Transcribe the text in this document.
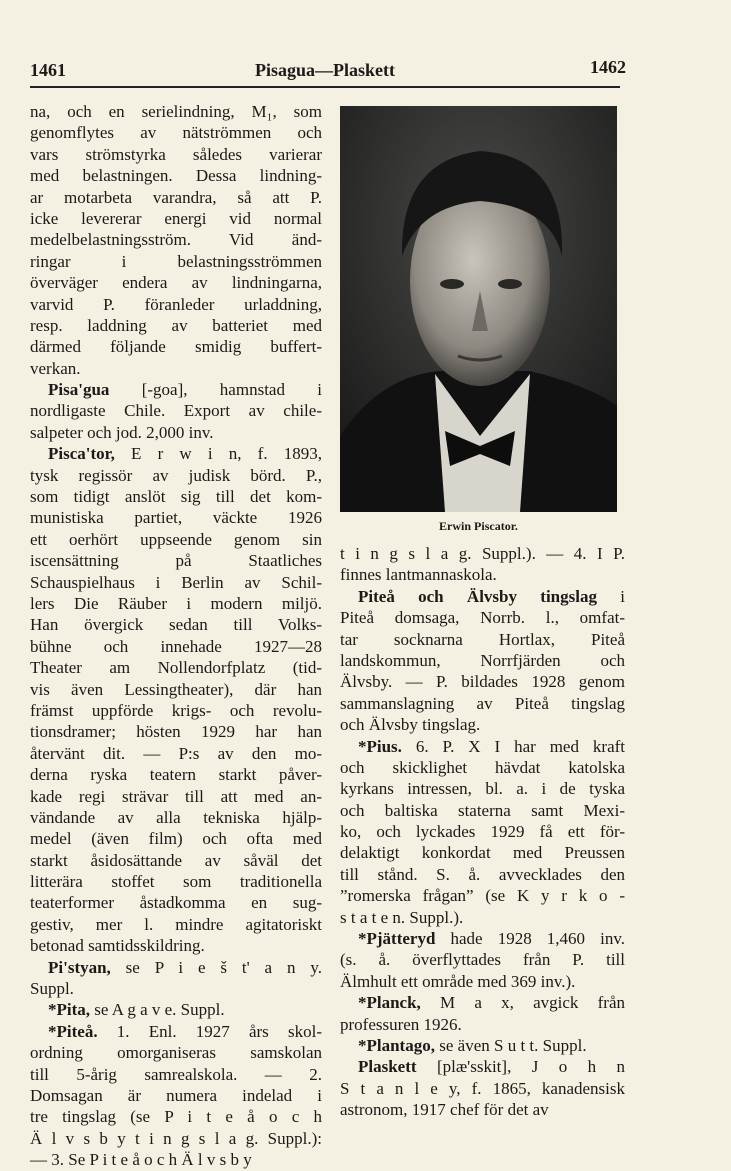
1461	Pisagua—Plaskett	1462
na, och en serielindning, M₁, som
genomflytes av nätströmmen och
vars strömstyrka således varierar
med belastningen. Dessa lindning-
ar motarbeta varandra, så att P.
icke levererar energi vid normal
medelbelastningsström. Vid änd-
ringar i belastningsströmmen
överväger endera av lindningarna,
varvid P. föranleder urladdning,
resp. laddning av batteriet med
därmed följande smidig buffert-
verkan.
Pisa'gua [-goa], hamnstad i
nordligaste Chile. Export av chile-
salpeter och jod. 2,000 inv.
Pisca'tor, E r w i n, f. 1893,
tysk regissör av judisk börd. P.,
som tidigt anslöt sig till det kom-
munistiska partiet, väckte 1926
ett oerhört uppseende genom sin
iscensättning på Staatliches
Schauspielhaus i Berlin av Schil-
lers Die Räuber i modern miljö.
Han övergick sedan till Volks-
bühne och innehade 1927—28
Theater am Nollendorfplatz (tid-
vis även Lessingtheater), där han
främst uppförde krigs- och revolu-
tionsdramer; hösten 1929 har han
återvänt dit. — P:s av den mo-
derna ryska teatern starkt påver-
kade regi strävar till att med an-
vändande av alla tekniska hjälp-
medel (även film) och ofta med
starkt åsidosättande av såväl det
litterära stoffet som traditionella
teaterformer åstadkomma en sug-
gestiv, mer l. mindre agitatoriskt
betonad samtidsskildring.
Pi'styan, se P i e š t' a n y.
Suppl.
*Pita, se A g a v e. Suppl.
*Piteå. 1. Enl. 1927 års skol-
ordning omorganiseras samskolan
till 5-årig samrealskola. — 2.
Domsagan är numera indelad i
tre tingslag (se P i t e å o c h
Ä l v s b y t i n g s l a g. Suppl.):
— 3. Se P i t e å o c h Ä l v s b y
Erwin Piscator.
t i n g s l a g. Suppl.). — 4. I P.
finnes lantmannaskola.
Piteå och Älvsby tingslag i
Piteå domsaga, Norrb. l., omfat-
tar socknarna Hortlax, Piteå
landskommun, Norrfjärden och
Älvsby. — P. bildades 1928 genom
sammanslagning av Piteå tingslag
och Älvsby tingslag.
*Pius. 6. P. X I har med kraft
och skicklighet hävdat katolska
kyrkans intressen, bl. a. i de tyska
och baltiska staterna samt Mexi-
ko, och lyckades 1929 få ett för-
delaktigt konkordat med Preussen
till stånd. S. å. avvecklades den
”romerska frågan” (se K y r k o -
s t a t e n. Suppl.).
*Pjätteryd hade 1928 1,460 inv.
(s. å. överflyttades från P. till
Älmhult ett område med 369 inv.).
*Planck, M a x, avgick från
professuren 1926.
*Plantago, se även S u t t. Suppl.
Plaskett [plæ'sskit], J o h n
S t a n l e y, f. 1865, kanadensisk
astronom, 1917 chef för det av
